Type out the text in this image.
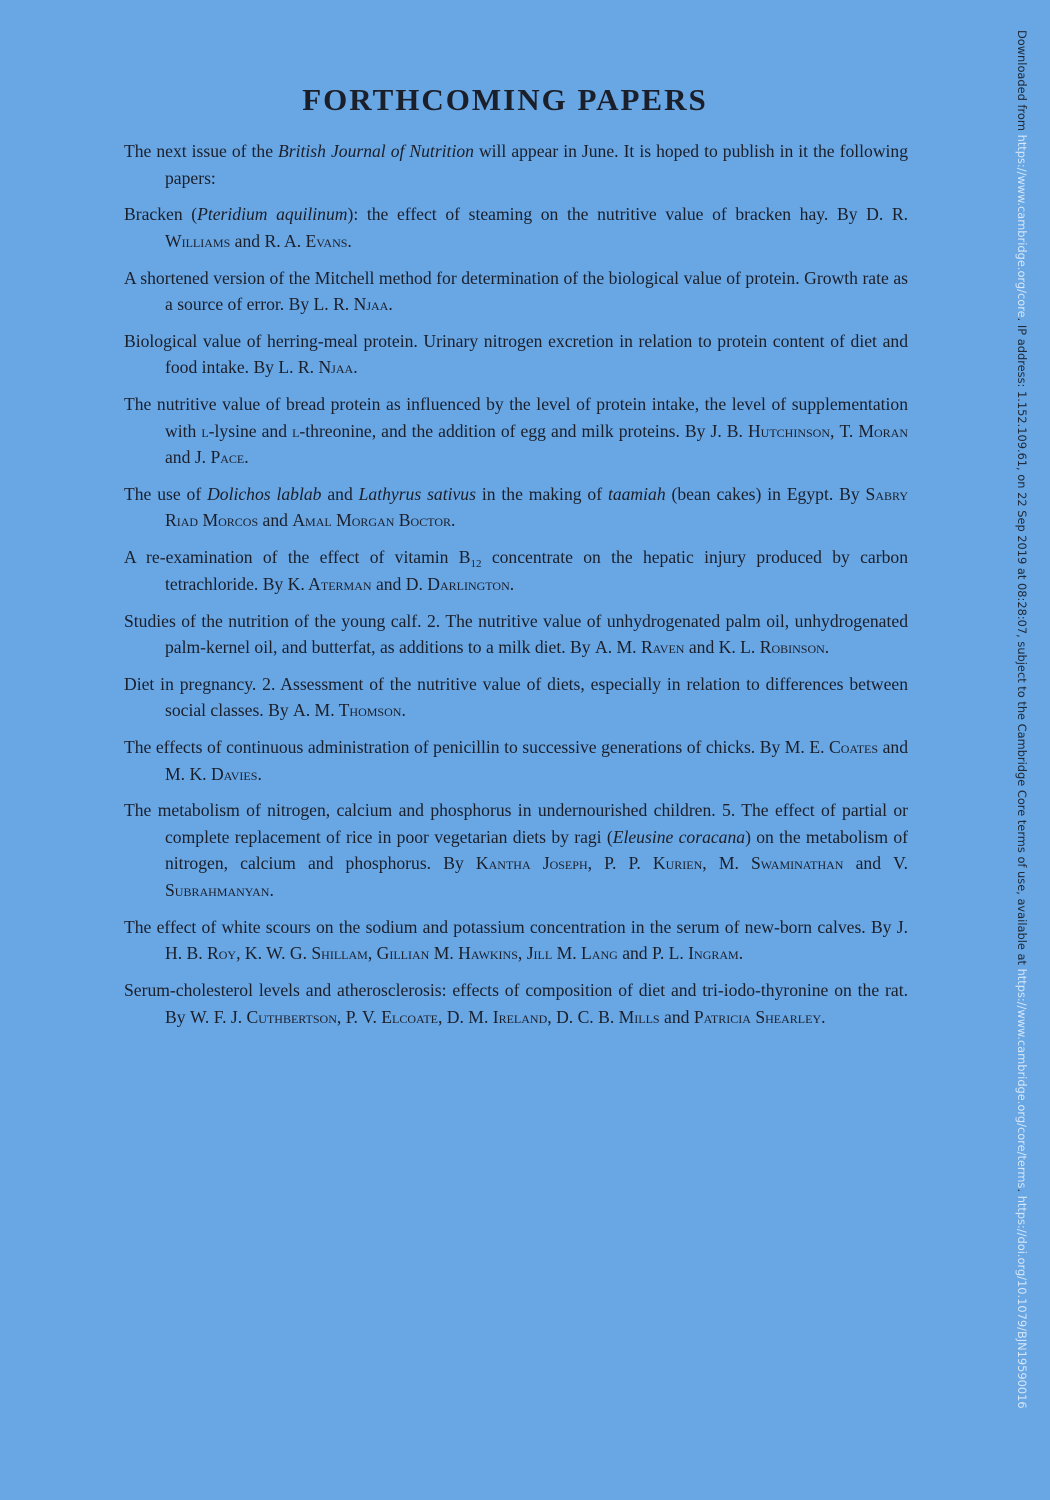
FORTHCOMING PAPERS

The next issue of the British Journal of Nutrition will appear in June. It is hoped to publish in it the following papers:

Bracken (Pteridium aquilinum): the effect of steaming on the nutritive value of bracken hay. By D. R. Williams and R. A. Evans.

A shortened version of the Mitchell method for determination of the biological value of protein. Growth rate as a source of error. By L. R. Njaa.

Biological value of herring-meal protein. Urinary nitrogen excretion in relation to protein content of diet and food intake. By L. R. Njaa.

The nutritive value of bread protein as influenced by the level of protein intake, the level of supplementation with l-lysine and l-threonine, and the addition of egg and milk proteins. By J. B. Hutchinson, T. Moran and J. Pace.

The use of Dolichos lablab and Lathyrus sativus in the making of taamiah (bean cakes) in Egypt. By Sabry Riad Morcos and Amal Morgan Boctor.

A re-examination of the effect of vitamin $B_{12}$ concentrate on the hepatic injury produced by carbon tetrachloride. By K. Aterman and D. Darlington.

Studies of the nutrition of the young calf. 2. The nutritive value of unhydrogenated palm oil, unhydrogenated palm-kernel oil, and butterfat, as additions to a milk diet. By A. M. Raven and K. L. Robinson.

Diet in pregnancy. 2. Assessment of the nutritive value of diets, especially in relation to differences between social classes. By A. M. Thomson.

The effects of continuous administration of penicillin to successive generations of chicks. By M. E. Coates and M. K. Davies.

The metabolism of nitrogen, calcium and phosphorus in undernourished children. 5. The effect of partial or complete replacement of rice in poor vegetarian diets by ragi (Eleusine coracana) on the metabolism of nitrogen, calcium and phosphorus. By Kantha Joseph, P. P. Kurien, M. Swaminathan and V. Subrahmanyan.

The effect of white scours on the sodium and potassium concentration in the serum of new-born calves. By J. H. B. Roy, K. W. G. Shillam, Gillian M. Hawkins, Jill M. Lang and P. L. Ingram.

Serum-cholesterol levels and atherosclerosis: effects of composition of diet and tri-iodo-thyronine on the rat. By W. F. J. Cuthbertson, P. V. Elcoate, D. M. Ireland, D. C. B. Mills and Patricia Shearley.

Downloaded from https://www.cambridge.org/core. IP address: 1.152.109.61, on 22 Sep 2019 at 08:28:07, subject to the Cambridge Core terms of use, available at https://www.cambridge.org/core/terms. https://doi.org/10.1079/BJN19590016
